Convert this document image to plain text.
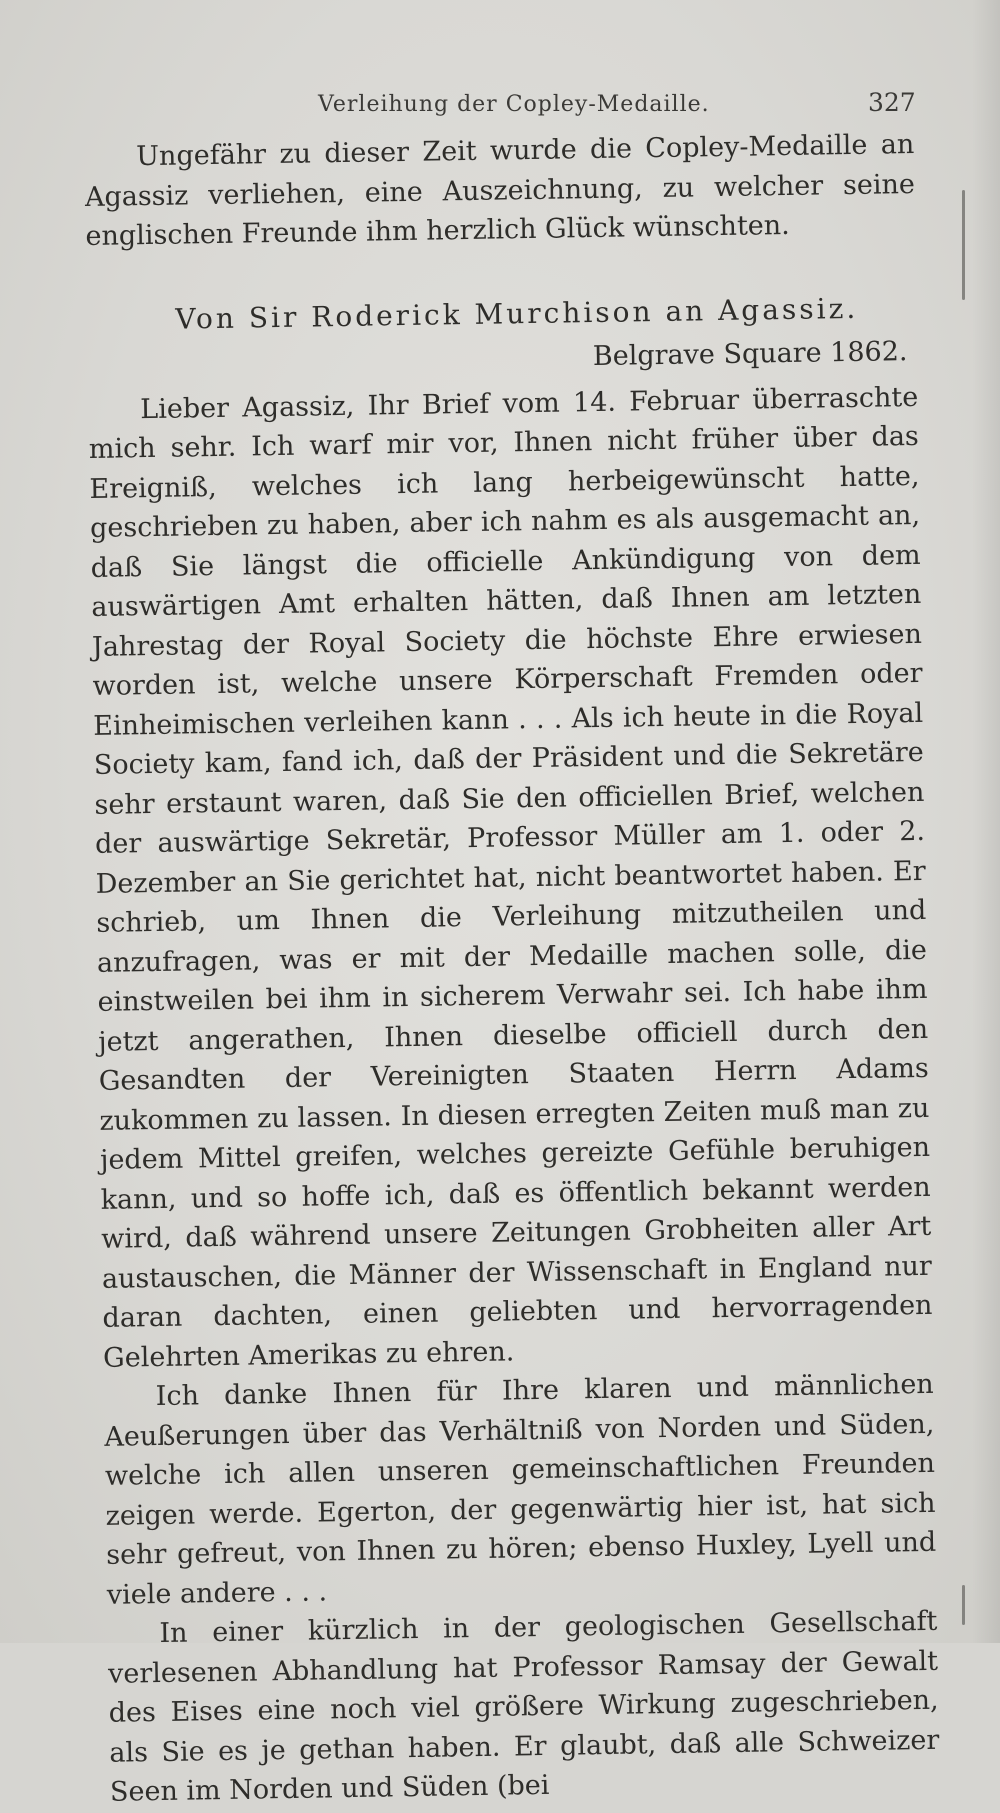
Verleihung der Copley-Medaille.	327

Ungefähr zu dieser Zeit wurde die Copley-Medaille an Agassiz verliehen, eine Auszeichnung, zu welcher seine englischen Freunde ihm herzlich Glück wünschten.

Von Sir Roderick Murchison an Agassiz.
Belgrave Square 1862.

Lieber Agassiz, Ihr Brief vom 14. Februar überraschte mich sehr. Ich warf mir vor, Ihnen nicht früher über das Ereigniß, welches ich lang herbeigewünscht hatte, geschrieben zu haben, aber ich nahm es als ausgemacht an, daß Sie längst die officielle Ankündigung von dem auswärtigen Amt erhalten hätten, daß Ihnen am letzten Jahrestag der Royal Society die höchste Ehre erwiesen worden ist, welche unsere Körperschaft Fremden oder Einheimischen verleihen kann . . . Als ich heute in die Royal Society kam, fand ich, daß der Präsident und die Sekretäre sehr erstaunt waren, daß Sie den officiellen Brief, welchen der auswärtige Sekretär, Professor Müller am 1. oder 2. Dezember an Sie gerichtet hat, nicht beantwortet haben. Er schrieb, um Ihnen die Verleihung mitzutheilen und anzufragen, was er mit der Medaille machen solle, die einstweilen bei ihm in sicherem Verwahr sei. Ich habe ihm jetzt angerathen, Ihnen dieselbe officiell durch den Gesandten der Vereinigten Staaten Herrn Adams zukommen zu lassen. In diesen erregten Zeiten muß man zu jedem Mittel greifen, welches gereizte Gefühle beruhigen kann, und so hoffe ich, daß es öffentlich bekannt werden wird, daß während unsere Zeitungen Grobheiten aller Art austauschen, die Männer der Wissenschaft in England nur daran dachten, einen geliebten und hervorragenden Gelehrten Amerikas zu ehren.

Ich danke Ihnen für Ihre klaren und männlichen Aeußerungen über das Verhältniß von Norden und Süden, welche ich allen unseren gemeinschaftlichen Freunden zeigen werde. Egerton, der gegenwärtig hier ist, hat sich sehr gefreut, von Ihnen zu hören; ebenso Huxley, Lyell und viele andere . . .

In einer kürzlich in der geologischen Gesellschaft verlesenen Abhandlung hat Professor Ramsay der Gewalt des Eises eine noch viel größere Wirkung zugeschrieben, als Sie es je gethan haben. Er glaubt, daß alle Schweizer Seen im Norden und Süden (bei
